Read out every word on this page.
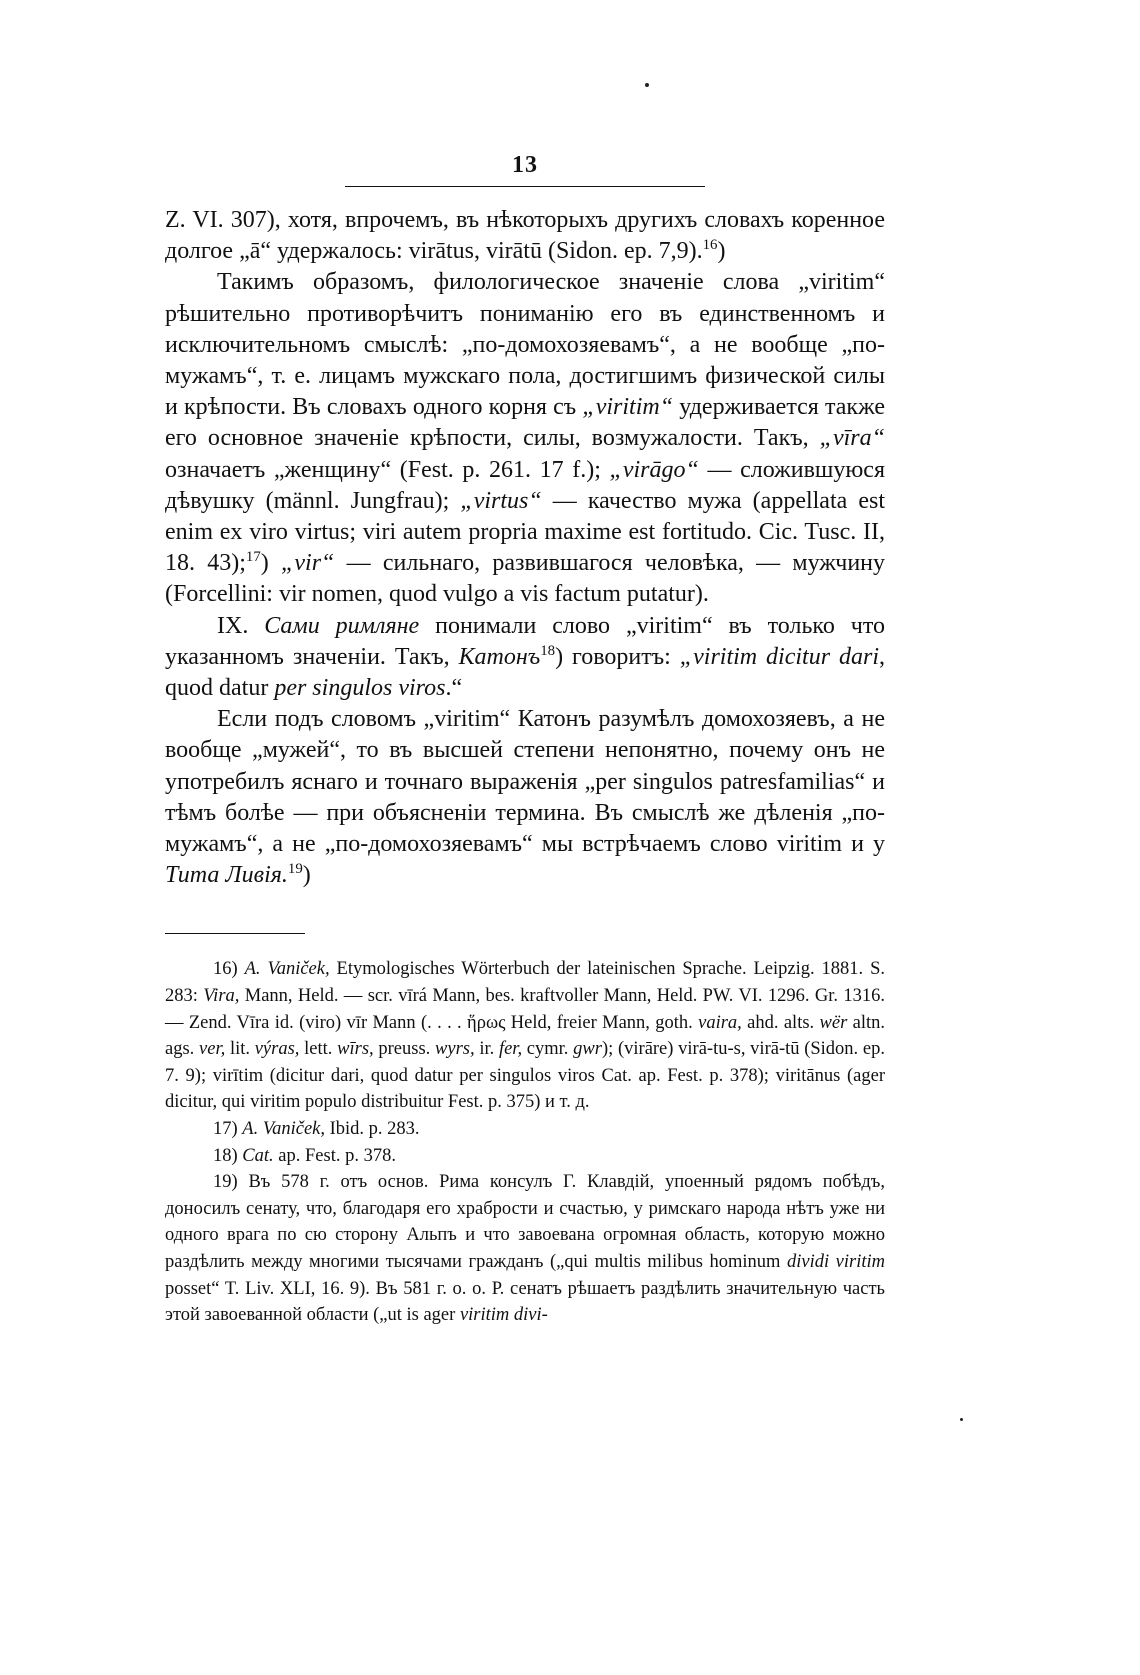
13

Z. VI. 307), хотя, впрочемъ, въ нѣкоторыхъ другихъ словахъ коренное долгое „ā“ удержалось: virātus, virātū (Sidon. ep. 7,9).$^{16}$)

Такимъ образомъ, филологическое значенiе слова „viritim“ рѣшительно противорѣчитъ пониманiю его въ единственномъ и исключительномъ смыслѣ: „по-домохозяевамъ“, а не вообще „по-мужамъ“, т. е. лицамъ мужскаго пола, достигшимъ физической силы и крѣпости. Въ словахъ одного корня съ „viritim“ удерживается также его основное значенiе крѣпости, силы, возмужалости. Такъ, „vīra“ означаетъ „женщину“ (Fest. p. 261. 17 f.); „virāgo“ — сложившуюся дѣвушку (männl. Jungfrau); „virtus“ — качество мужа (appellata est enim ex viro virtus; viri autem propria maxime est fortitudo. Cic. Tusc. II, 18. 43);$^{17}$) „vir“ — сильнаго, развившагося человѣка, — мужчину (Forcellini: vir nomen, quod vulgo a vis factum putatur).

IX. Сами римляне понимали слово „viritim“ въ только что указанномъ значенiи. Такъ, Катонъ$^{18}$) говоритъ: „viritim dicitur dari, quod datur per singulos viros.“

Если подъ словомъ „viritim“ Катонъ разумѣлъ домохозяевъ, а не вообще „мужей“, то въ высшей степени непонятно, почему онъ не употребилъ яснаго и точнаго выраженiя „per singulos patresfamilias“ и тѣмъ болѣе — при объясненiи термина. Въ смыслѣ же дѣленiя „по-мужамъ“, а не „по-домохозяевамъ“ мы встрѣчаемъ слово viritim и у Тита Ливiя.$^{19}$)

16) A. Vaniček, Etymologisches Wörterbuch der lateinischen Sprache. Leipzig. 1881. S. 283: Vira, Mann, Held. — scr. vīrá Mann, bes. kraftvoller Mann, Held. PW. VI. 1296. Gr. 1316. — Zend. Vīra id. (viro) vīr Mann (. . . . ἥρως Held, freier Mann, goth. vaira, ahd. alts. wër altn. ags. ver, lit. výras, lett. wīrs, preuss. wyrs, ir. fer, cymr. gwr); (virāre) virā-tu-s, virā-tū (Sidon. ep. 7. 9); virītim (dicitur dari, quod datur per singulos viros Cat. ap. Fest. p. 378); viritānus (ager dicitur, qui viritim populo distribuitur Fest. p. 375) и т. д.

17) A. Vaniček, Ibid. p. 283.

18) Cat. ap. Fest. p. 378.

19) Въ 578 г. отъ основ. Рима консулъ Г. Клавдiй, упоенный рядомъ побѣдъ, доносилъ сенату, что, благодаря его храбрости и счастью, у римскаго народа нѣтъ уже ни одного врага по сю сторону Альпъ и что завоевана огромная область, которую можно раздѣлить между многими тысячами гражданъ („qui multis milibus hominum dividi viritim posset“ T. Liv. XLI, 16. 9). Въ 581 г. о. о. Р. сенатъ рѣшаетъ раздѣлить значительную часть этой завоеванной области („ut is ager viritim divi-
